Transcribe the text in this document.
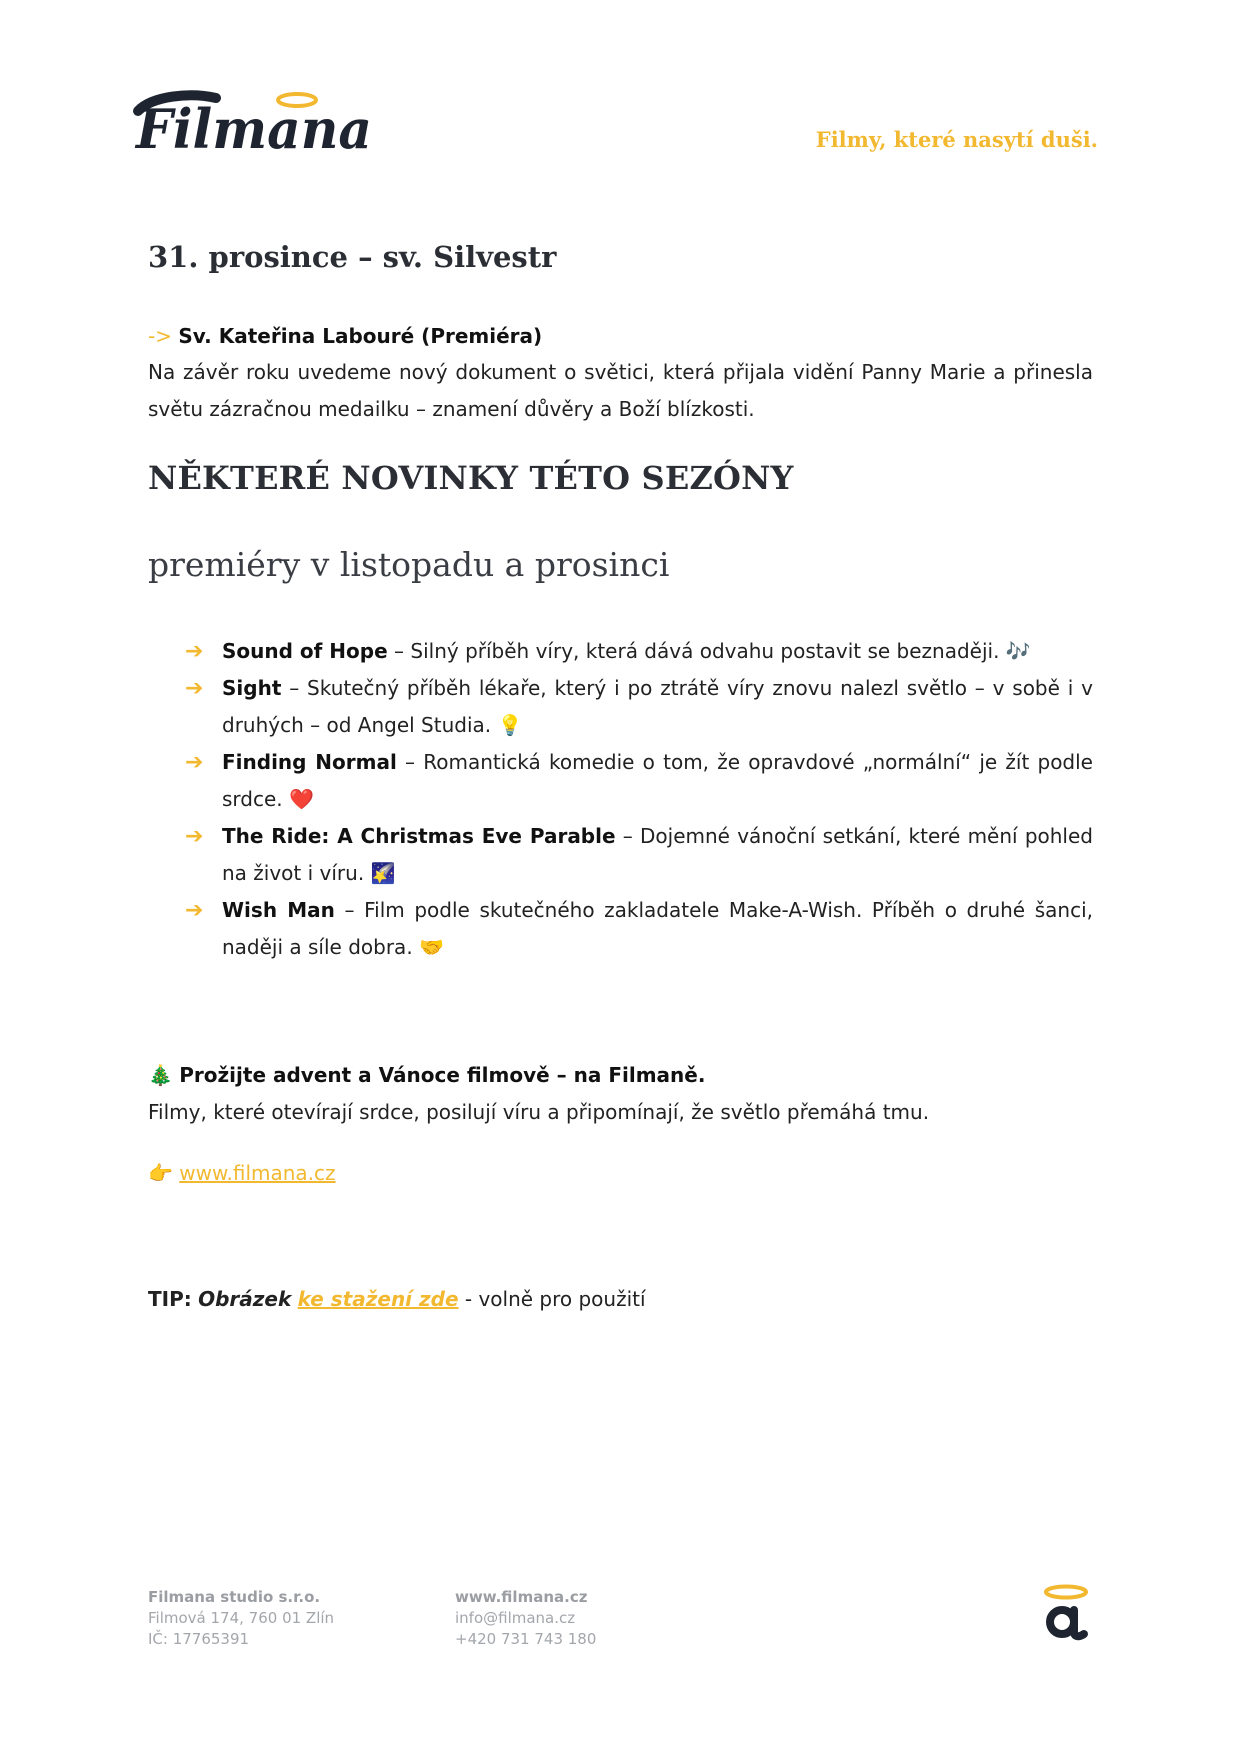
Filmana	Filmy, které nasytí duši.
31. prosince – sv. Silvestr
-> Sv. Kateřina Labouré (Premiéra)
Na závěr roku uvedeme nový dokument o světici, která přijala vidění Panny Marie a přinesla světu zázračnou medailku – znamení důvěry a Boží blízkosti.
NĚKTERÉ NOVINKY TÉTO SEZÓNY
premiéry v listopadu a prosinci
➔ Sound of Hope – Silný příběh víry, která dává odvahu postavit se beznaději. 🎶
➔ Sight – Skutečný příběh lékaře, který i po ztrátě víry znovu nalezl světlo – v sobě i v druhých – od Angel Studia. 💡
➔ Finding Normal – Romantická komedie o tom, že opravdové „normální“ je žít podle srdce. ❤️
➔ The Ride: A Christmas Eve Parable – Dojemné vánoční setkání, které mění pohled na život i víru. 🌠
➔ Wish Man – Film podle skutečného zakladatele Make-A-Wish. Příběh o druhé šanci, naději a síle dobra. 🤝
🎄 Prožijte advent a Vánoce filmově – na Filmaně.
Filmy, které otevírají srdce, posilují víru a připomínají, že světlo přemáhá tmu.
👉 www.filmana.cz
TIP: Obrázek ke stažení zde - volně pro použití
Filmana studio s.r.o.
Filmová 174, 760 01 Zlín
IČ: 17765391
www.filmana.cz
info@filmana.cz
+420 731 743 180
